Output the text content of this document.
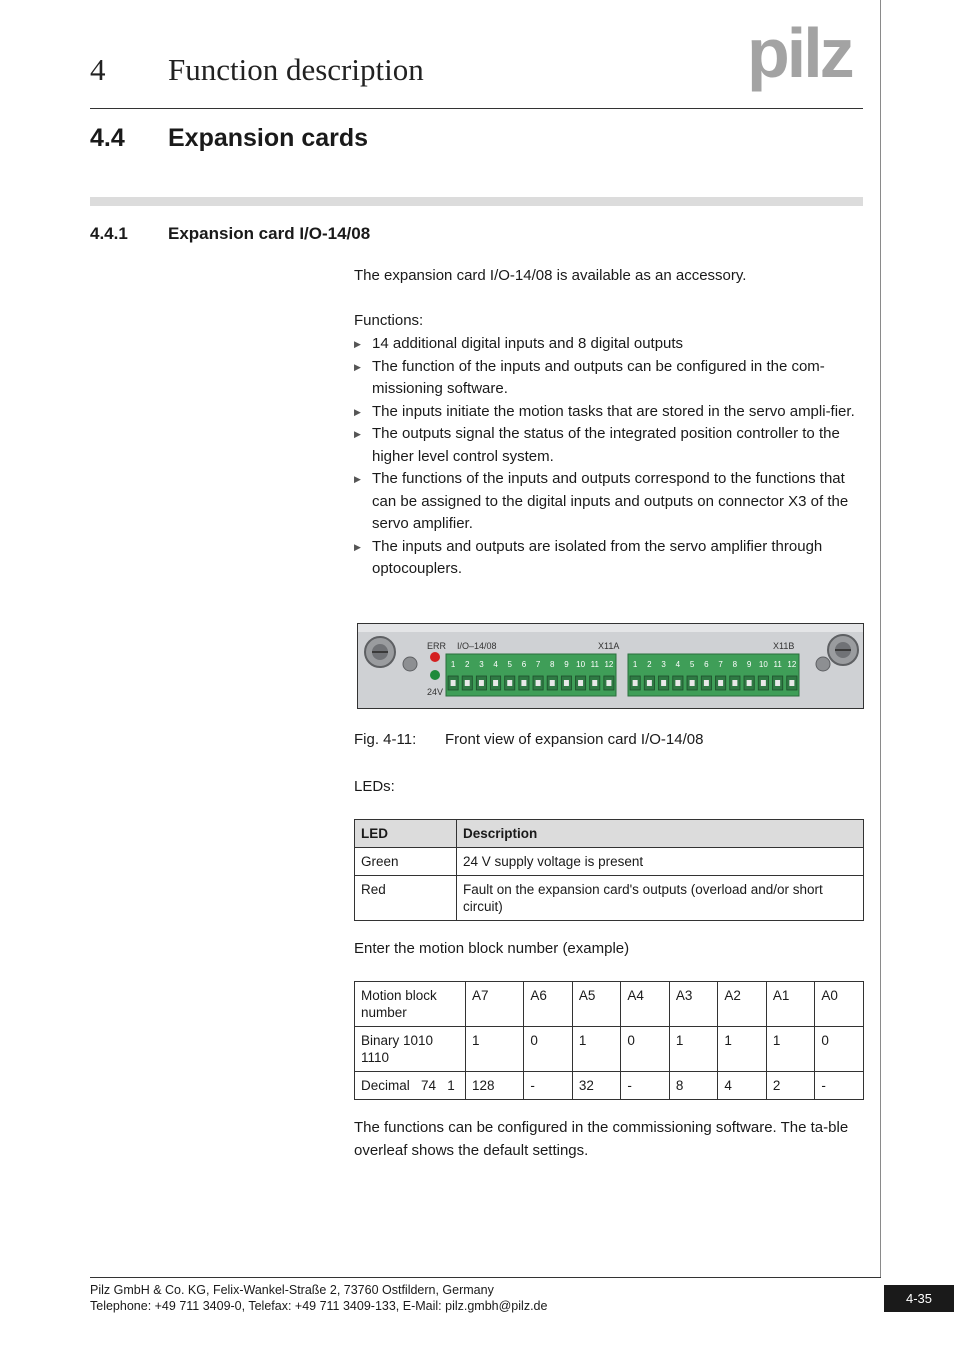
4 Function description	pilz
4.4 Expansion cards
4.4.1 Expansion card I/O-14/08
The expansion card I/O-14/08 is available as an accessory.
Functions:
▶ 14 additional digital inputs and 8 digital outputs
▶ The function of the inputs and outputs can be configured in the com-missioning software.
▶ The inputs initiate the motion tasks that are stored in the servo ampli-fier.
▶ The outputs signal the status of the integrated position controller to the higher level control system.
▶ The functions of the inputs and outputs correspond to the functions that can be assigned to the digital inputs and outputs on connector X3 of the servo amplifier.
▶ The inputs and outputs are isolated from the servo amplifier through optocouplers.
ERR I/O–14/08	X11A	X11B
24V
1 2 3 4 5 6 7 8 9 10 11 12 1 2 3 4 5 6 7 8 9 10 11 12
Fig. 4-11: Front view of expansion card I/O-14/08
LEDs:
LED	Description
Green	24 V supply voltage is present
Red	Fault on the expansion card's outputs (overload and/or short circuit)
Enter the motion block number (example)
Motion block number	A7	A6	A5	A4	A3	A2	A1	A0
Binary 1010 1110	1	0	1	0	1	1	1	0
Decimal   74   1	128	-	32	-	8	4	2	-
The functions can be configured in the commissioning software. The ta-ble overleaf shows the default settings.
Pilz GmbH & Co. KG, Felix-Wankel-Straße 2, 73760 Ostfildern, Germany
Telephone: +49 711 3409-0, Telefax: +49 711 3409-133, E-Mail: pilz.gmbh@pilz.de	4-35
